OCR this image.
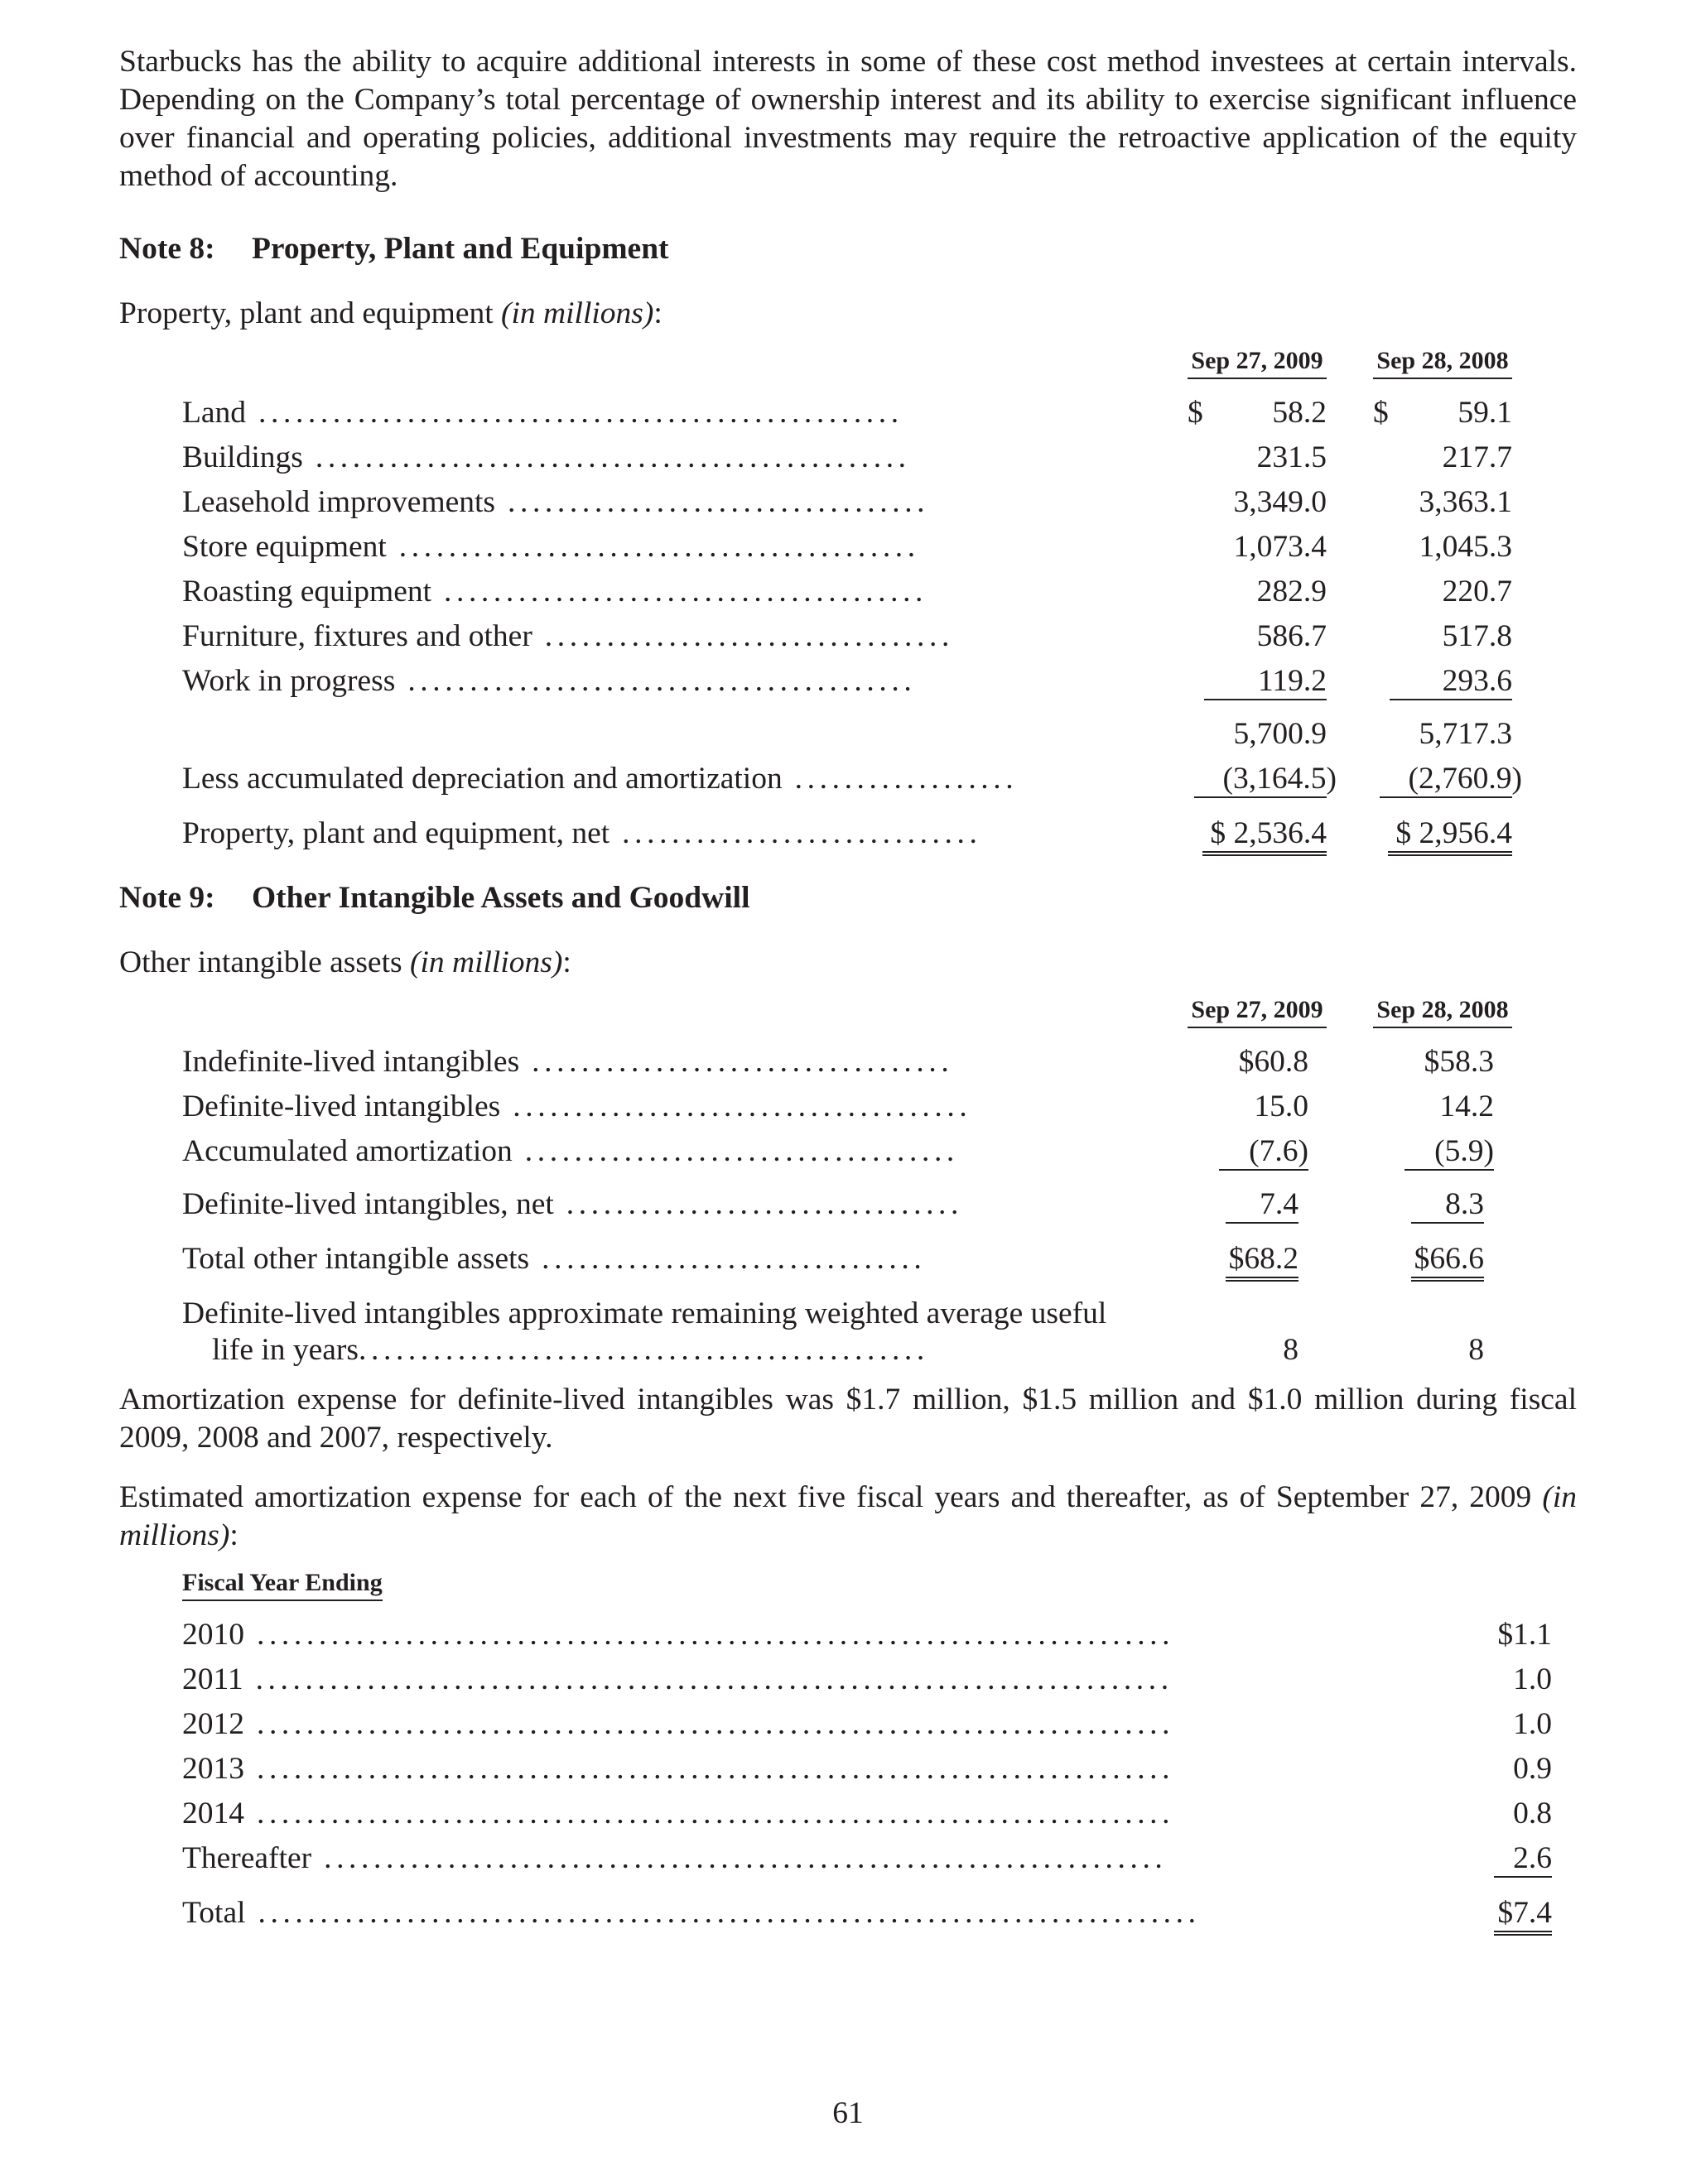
Starbucks has the ability to acquire additional interests in some of these cost method investees at certain intervals. Depending on the Company’s total percentage of ownership interest and its ability to exercise significant influence over financial and operating policies, additional investments may require the retroactive application of the equity method of accounting.

Note 8: Property, Plant and Equipment

Property, plant and equipment (in millions):

Sep 27, 2009 Sep 28, 2008
Land ....................................................	$ 58.2 $ 59.1
Buildings ................................................	231.5	217.7
Leasehold improvements ..................................	3,349.0	3,363.1
Store equipment ..........................................	1,073.4	1,045.3
Roasting equipment .......................................	282.9	220.7
Furniture, fixtures and other .................................	586.7	517.8
Work in progress .........................................	119.2	293.6
5,700.9	5,717.3
Less accumulated depreciation and amortization ..................	(3,164.5) (2,760.9)
Property, plant and equipment, net .............................	$ 2,536.4 $ 2,956.4

Note 9: Other Intangible Assets and Goodwill

Other intangible assets (in millions):

Sep 27, 2009 Sep 28, 2008
Indefinite-lived intangibles ..................................	$60.8	$58.3
Definite-lived intangibles .....................................	15.0	14.2
Accumulated amortization ...................................	(7.6)	(5.9)
Definite-lived intangibles, net ................................	7.4	8.3
Total other intangible assets ...............................	$68.2	$66.6
Definite-lived intangibles approximate remaining weighted average useful
life in years..............................................	8	8

Amortization expense for definite-lived intangibles was $1.7 million, $1.5 million and $1.0 million during fiscal 2009, 2008 and 2007, respectively.

Estimated amortization expense for each of the next five fiscal years and thereafter, as of September 27, 2009 (in millions):

Fiscal Year Ending
2010 ..........................................................................	$1.1
2011 ..........................................................................	1.0
2012 ..........................................................................	1.0
2013 ..........................................................................	0.9
2014 ..........................................................................	0.8
Thereafter ....................................................................	2.6
Total ............................................................................	$7.4
61
